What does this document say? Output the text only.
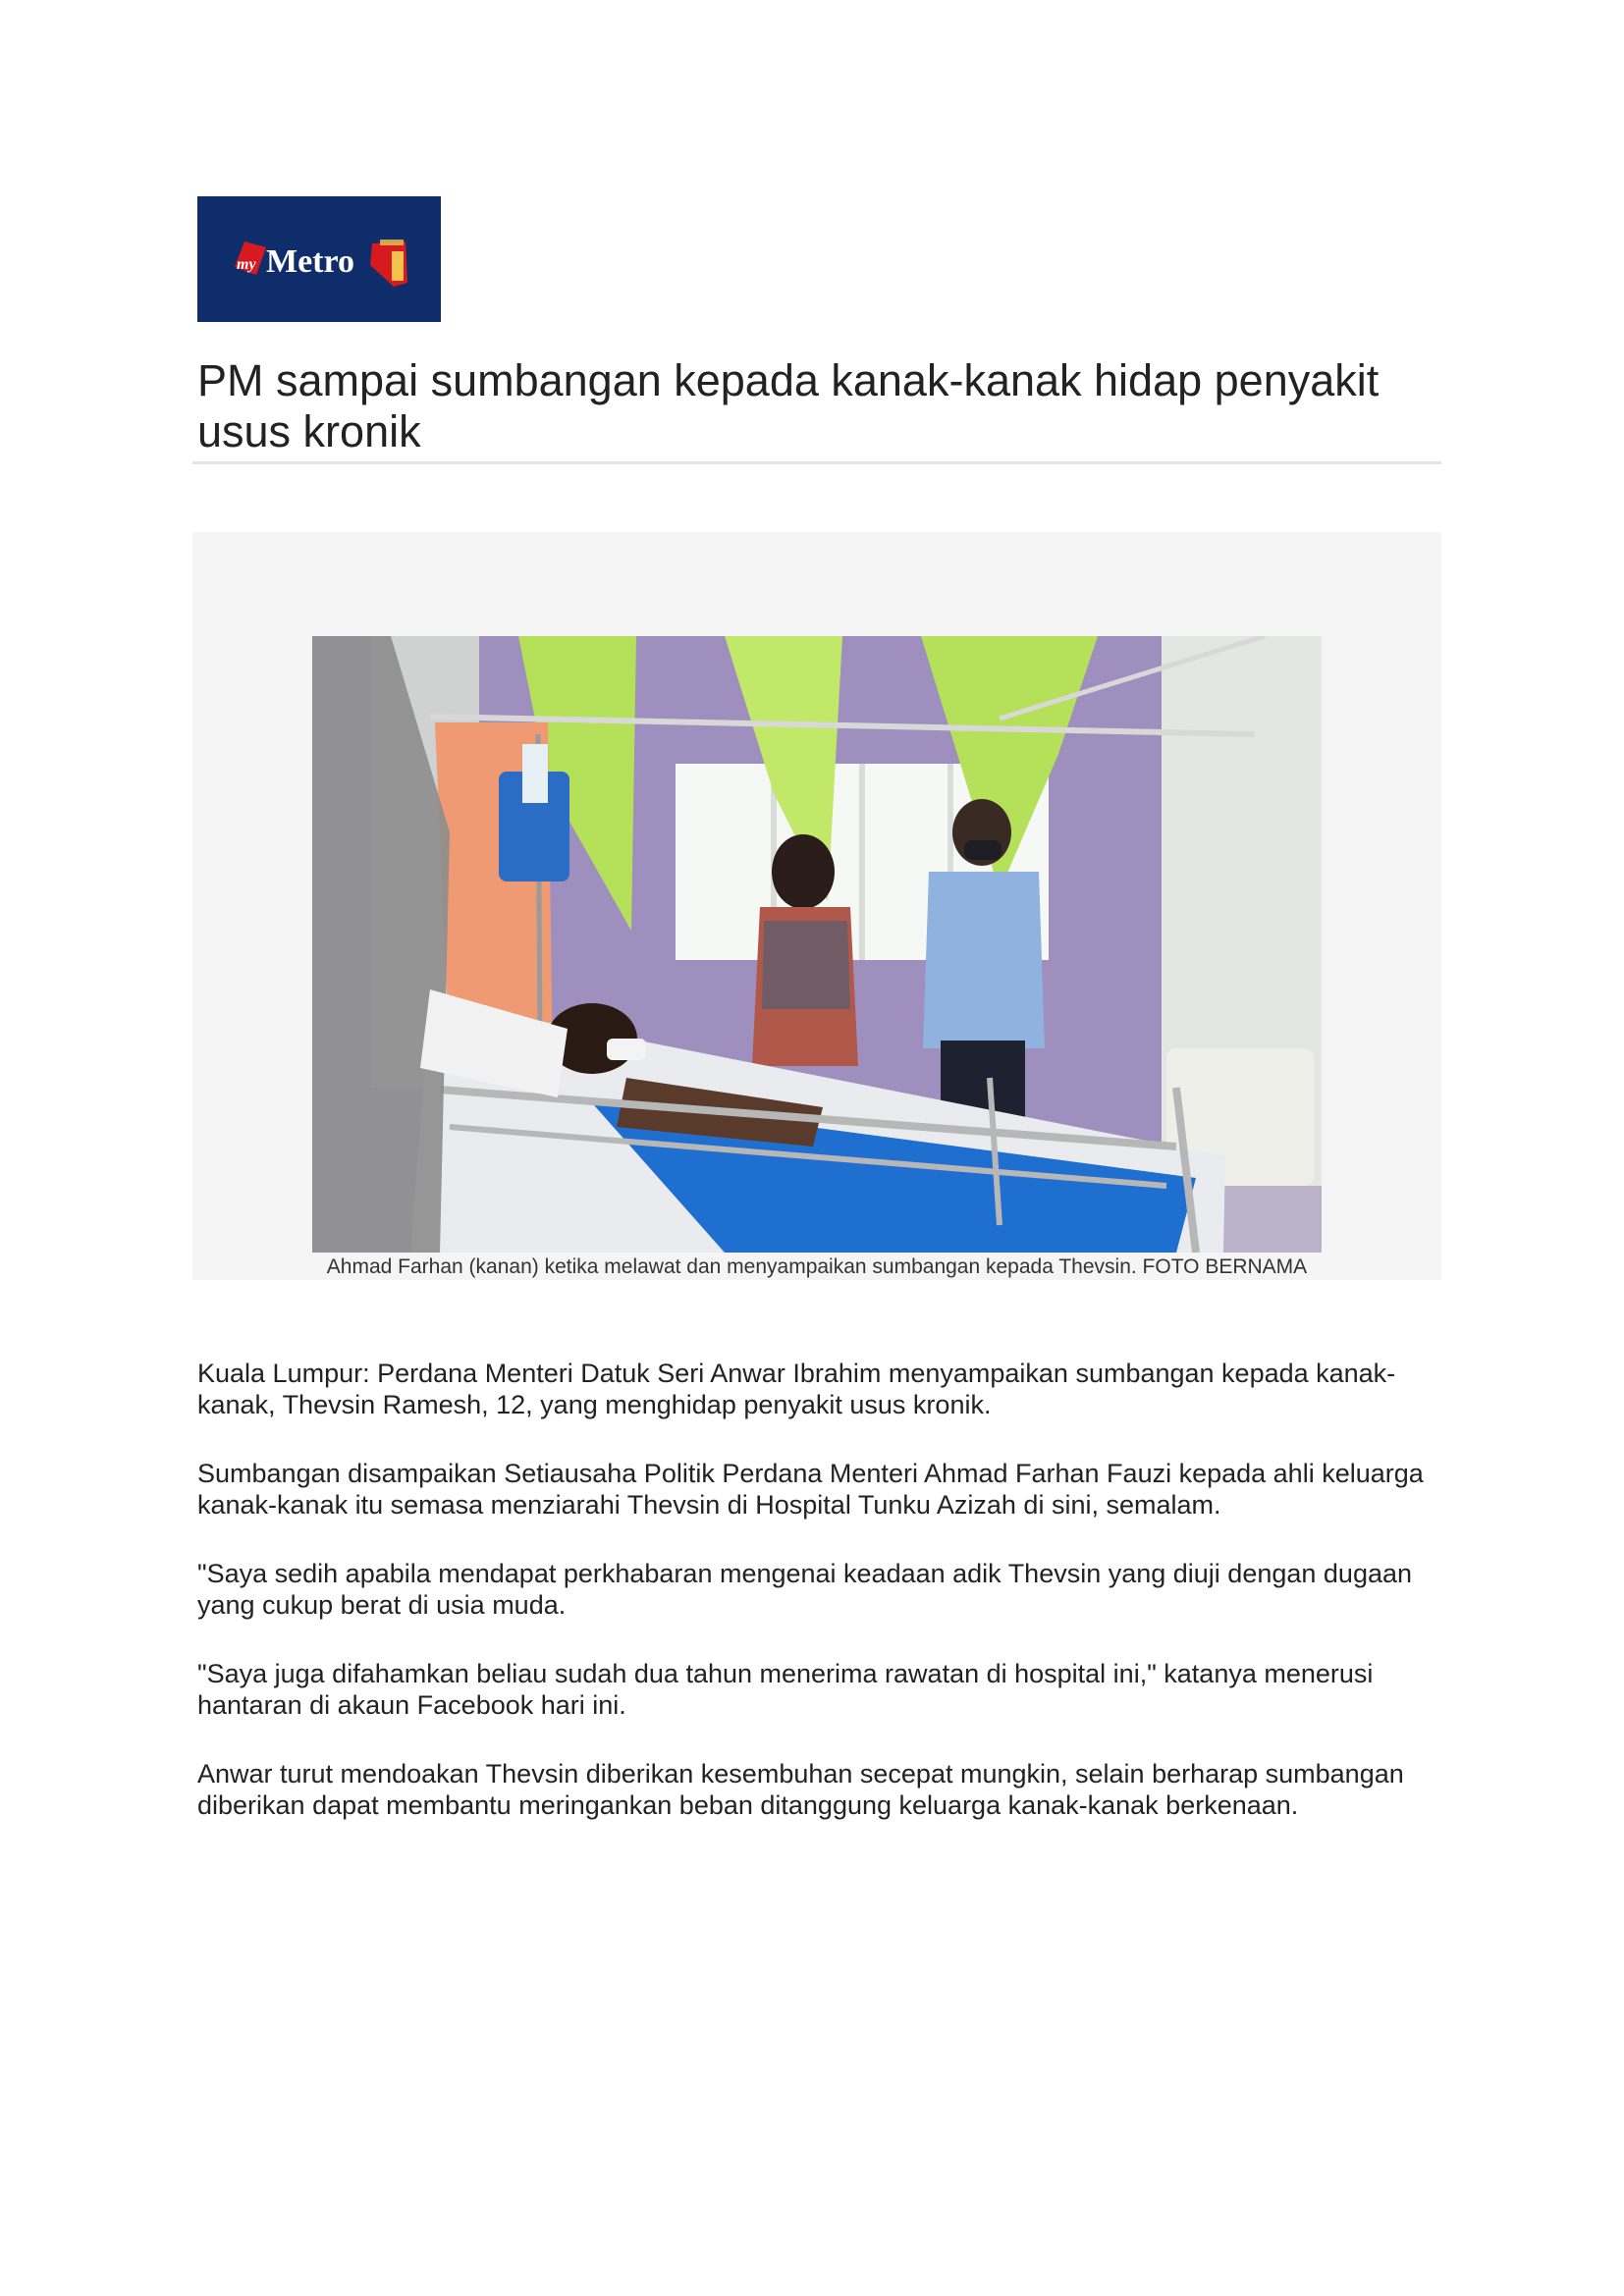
my Metro
PM sampai sumbangan kepada kanak-kanak hidap penyakit usus kronik
Ahmad Farhan (kanan) ketika melawat dan menyampaikan sumbangan kepada Thevsin. FOTO BERNAMA

Kuala Lumpur: Perdana Menteri Datuk Seri Anwar Ibrahim menyampaikan sumbangan kepada kanak-kanak, Thevsin Ramesh, 12, yang menghidap penyakit usus kronik.

Sumbangan disampaikan Setiausaha Politik Perdana Menteri Ahmad Farhan Fauzi kepada ahli keluarga kanak-kanak itu semasa menziarahi Thevsin di Hospital Tunku Azizah di sini, semalam.

"Saya sedih apabila mendapat perkhabaran mengenai keadaan adik Thevsin yang diuji dengan dugaan yang cukup berat di usia muda.

"Saya juga difahamkan beliau sudah dua tahun menerima rawatan di hospital ini," katanya menerusi hantaran di akaun Facebook hari ini.

Anwar turut mendoakan Thevsin diberikan kesembuhan secepat mungkin, selain berharap sumbangan diberikan dapat membantu meringankan beban ditanggung keluarga kanak-kanak berkenaan.
